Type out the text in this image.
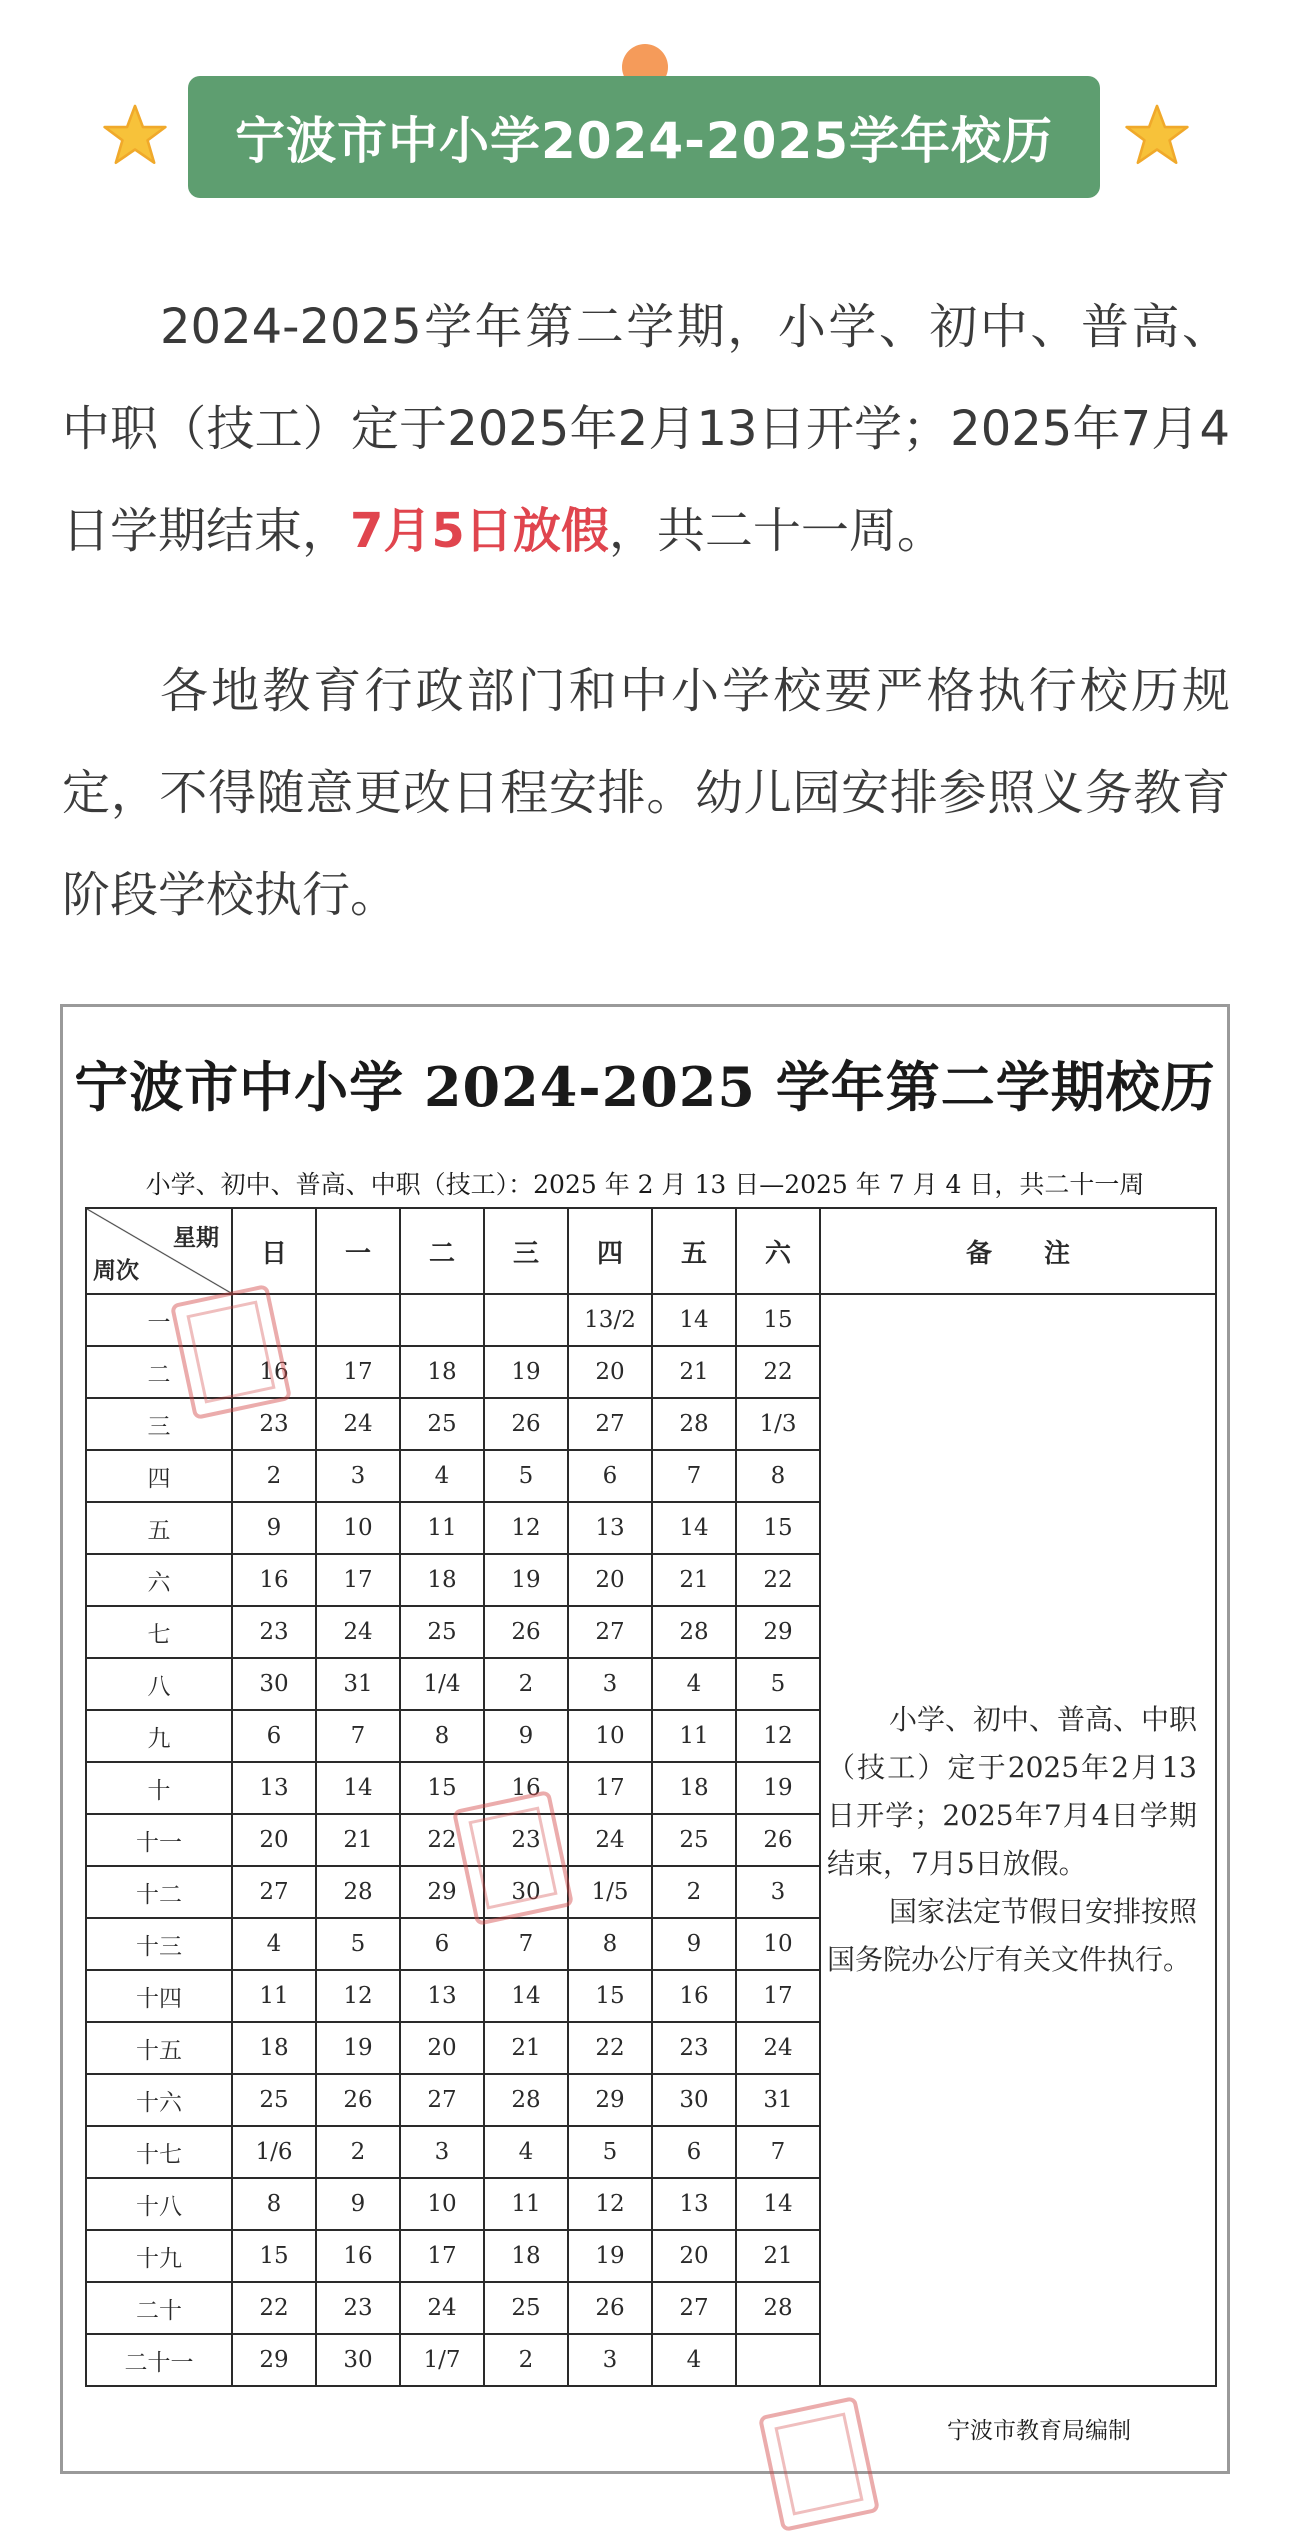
宁波市中小学2024-2025学年校历

2024-2025学年第二学期，小学、初中、普高、中职（技工）定于2025年2月13日开学；2025年7月4日学期结束，7月5日放假，共二十一周。

各地教育行政部门和中小学校要严格执行校历规定，不得随意更改日程安排。幼儿园安排参照义务教育阶段学校执行。

宁波市中小学 2024-2025 学年第二学期校历
小学、初中、普高、中职（技工）：2025 年 2 月 13 日—2025 年 7 月 4 日，共二十一周
星期
周次	日	一	二	三	四	五	六	备　　注
一					13/2	14	15	小学、初中、普高、中职（技工）定于2025年2月13日开学；2025年7月4日学期结束，7月5日放假。

国家法定节假日安排按照国务院办公厅有关文件执行。

二	16	17	18	19	20	21	22	
三	23	24	25	26	27	28	1/3	
四	2	3	4	5	6	7	8	
五	9	10	11	12	13	14	15	
六	16	17	18	19	20	21	22	
七	23	24	25	26	27	28	29	
八	30	31	1/4	2	3	4	5	
九	6	7	8	9	10	11	12	
十	13	14	15	16	17	18	19	
十一	20	21	22	23	24	25	26	
十二	27	28	29	30	1/5	2	3	
十三	4	5	6	7	8	9	10	
十四	11	12	13	14	15	16	17	
十五	18	19	20	21	22	23	24	
十六	25	26	27	28	29	30	31	
十七	1/6	2	3	4	5	6	7	
十八	8	9	10	11	12	13	14	
十九	15	16	17	18	19	20	21	
二十	22	23	24	25	26	27	28	
二十一	29	30	1/7	2	3	4		
宁波市教育局编制
